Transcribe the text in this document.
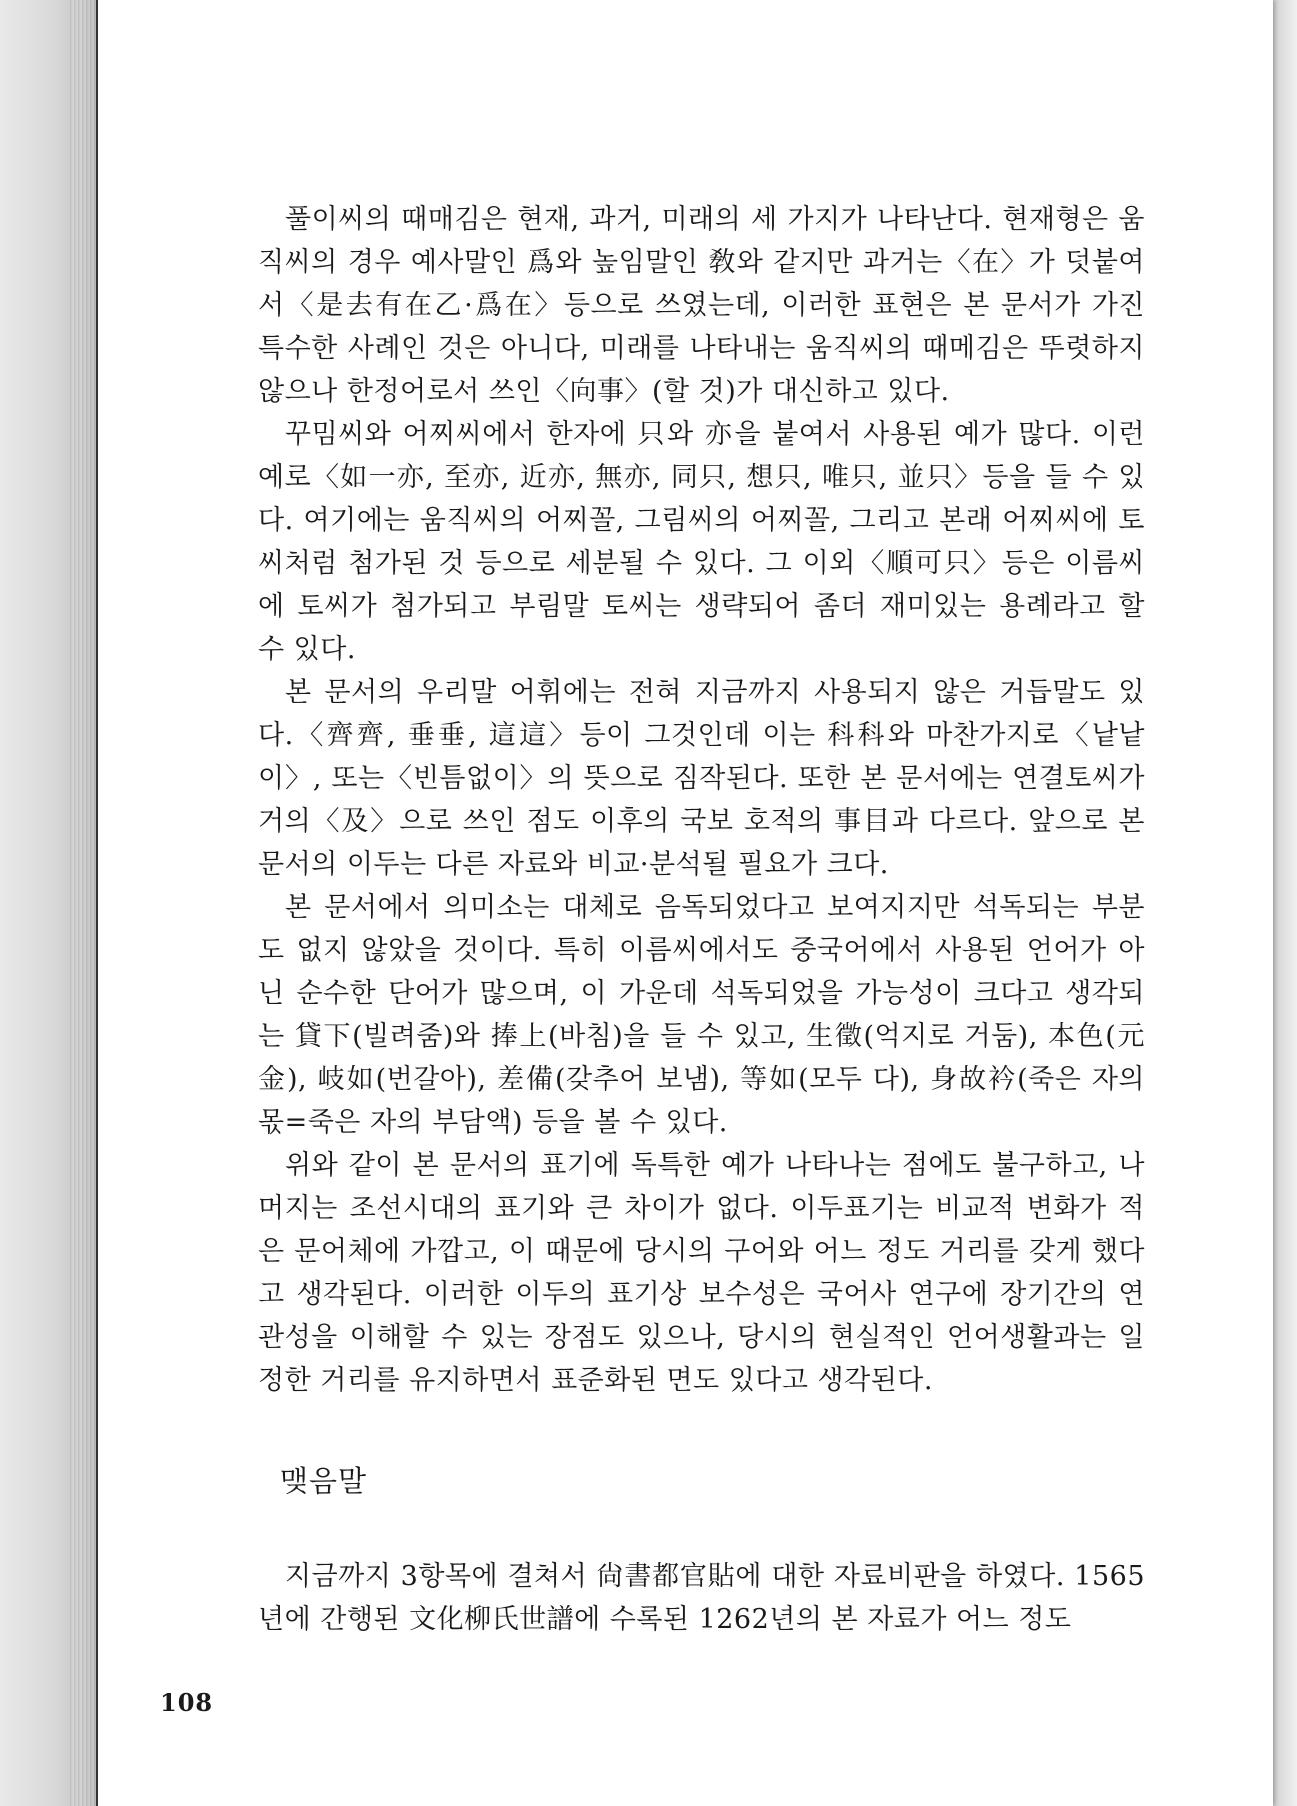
풀이씨의 때매김은 현재, 과거, 미래의 세 가지가 나타난다. 현재형은 움직씨의 경우 예사말인 爲와 높임말인 敎와 같지만 과거는〈在〉가 덧붙여서〈是去有在乙·爲在〉등으로 쓰였는데, 이러한 표현은 본 문서가 가진 특수한 사례인 것은 아니다, 미래를 나타내는 움직씨의 때메김은 뚜렷하지 않으나 한정어로서 쓰인〈向事〉(할 것)가 대신하고 있다.

꾸밈씨와 어찌씨에서 한자에 只와 亦을 붙여서 사용된 예가 많다. 이런 예로〈如一亦, 至亦, 近亦, 無亦, 同只, 想只, 唯只, 並只〉등을 들 수 있다. 여기에는 움직씨의 어찌꼴, 그림씨의 어찌꼴, 그리고 본래 어찌씨에 토씨처럼 첨가된 것 등으로 세분될 수 있다. 그 이외〈順可只〉등은 이름씨에 토씨가 첨가되고 부림말 토씨는 생략되어 좀더 재미있는 용례라고 할 수 있다.

본 문서의 우리말 어휘에는 전혀 지금까지 사용되지 않은 거듭말도 있다.〈齊齊, 垂垂, 這這〉등이 그것인데 이는 科科와 마찬가지로〈낱낱이〉, 또는〈빈틈없이〉의 뜻으로 짐작된다. 또한 본 문서에는 연결토씨가 거의〈及〉으로 쓰인 점도 이후의 국보 호적의 事目과 다르다. 앞으로 본 문서의 이두는 다른 자료와 비교·분석될 필요가 크다.

본 문서에서 의미소는 대체로 음독되었다고 보여지지만 석독되는 부분도 없지 않았을 것이다. 특히 이름씨에서도 중국어에서 사용된 언어가 아닌 순수한 단어가 많으며, 이 가운데 석독되었을 가능성이 크다고 생각되는 貸下(빌려줌)와 捧上(바침)을 들 수 있고, 生徵(억지로 거둠), 本色(元金), 岐如(번갈아), 差備(갖추어 보냄), 等如(모두 다), 身故衿(죽은 자의 몫=죽은 자의 부담액) 등을 볼 수 있다.

위와 같이 본 문서의 표기에 독특한 예가 나타나는 점에도 불구하고, 나머지는 조선시대의 표기와 큰 차이가 없다. 이두표기는 비교적 변화가 적은 문어체에 가깝고, 이 때문에 당시의 구어와 어느 정도 거리를 갖게 했다고 생각된다. 이러한 이두의 표기상 보수성은 국어사 연구에 장기간의 연관성을 이해할 수 있는 장점도 있으나, 당시의 현실적인 언어생활과는 일정한 거리를 유지하면서 표준화된 면도 있다고 생각된다.

맺음말

지금까지 3항목에 결쳐서 尙書都官貼에 대한 자료비판을 하였다. 1565년에 간행된 文化柳氏世譜에 수록된 1262년의 본 자료가 어느 정도

108
